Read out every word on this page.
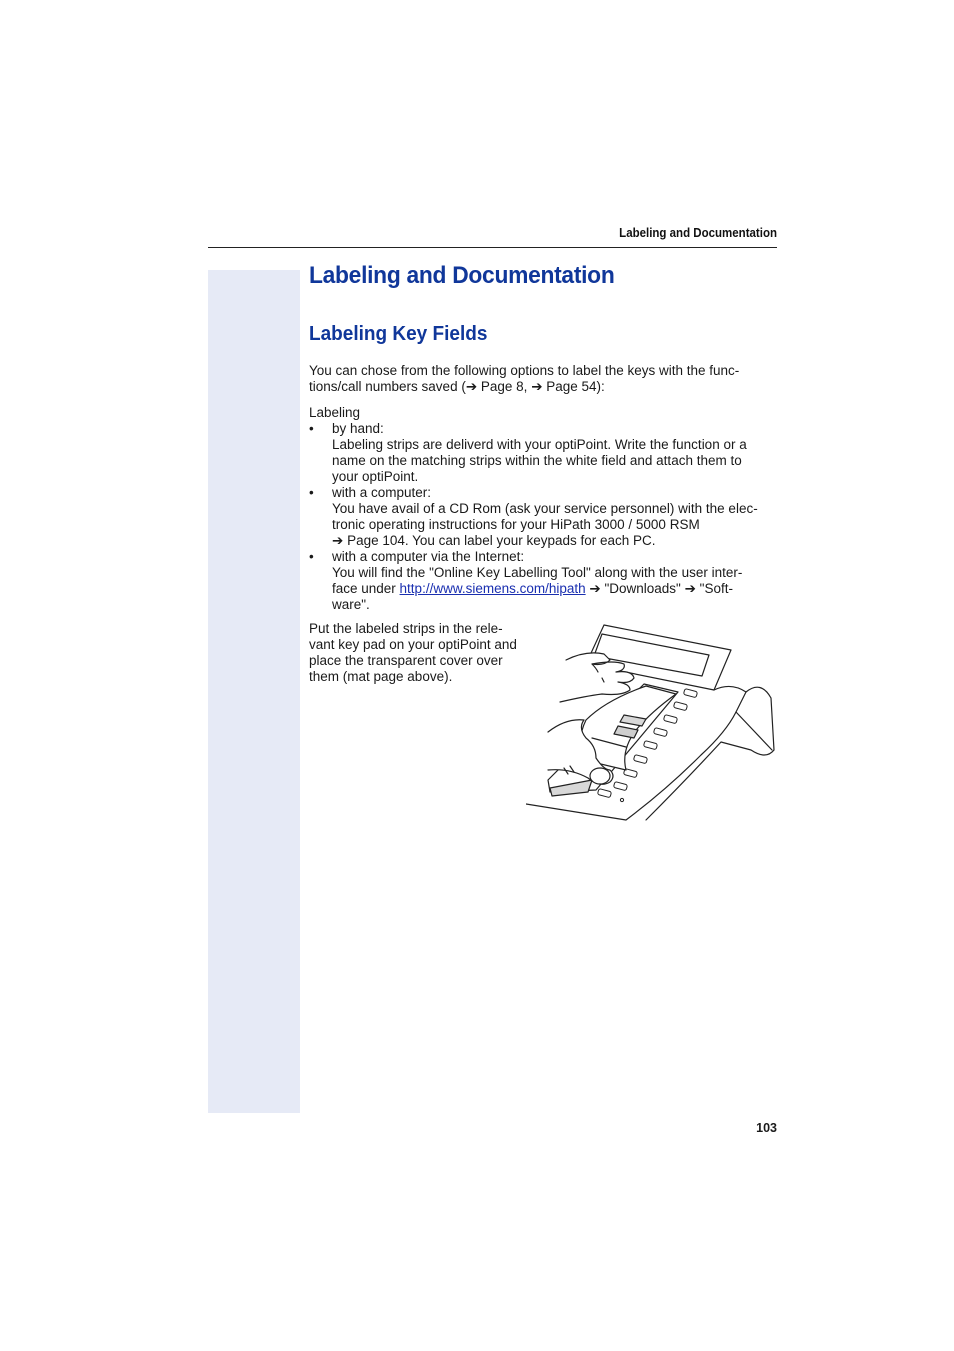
Labeling and Documentation
Labeling and Documentation
Labeling Key Fields

You can chose from the following options to label the keys with the func-
tions/call numbers saved (➔ Page 8, ➔ Page 54):

Labeling

• by hand:
Labeling strips are deliverd with your optiPoint. Write the function or a
name on the matching strips within the white field and attach them to
your optiPoint.
• with a computer:
You have avail of a CD Rom (ask your service personnel) with the elec-
tronic operating instructions for your HiPath 3000 / 5000 RSM
➔ Page 104. You can label your keypads for each PC.
• with a computer via the Internet:
You will find the "Online Key Labelling Tool" along with the user inter-
face under http://www.siemens.com/hipath ➔ "Downloads" ➔ "Soft-
ware".
Put the labeled strips in the rele-
vant key pad on your optiPoint and
place the transparent cover over
them (mat page above).
103
